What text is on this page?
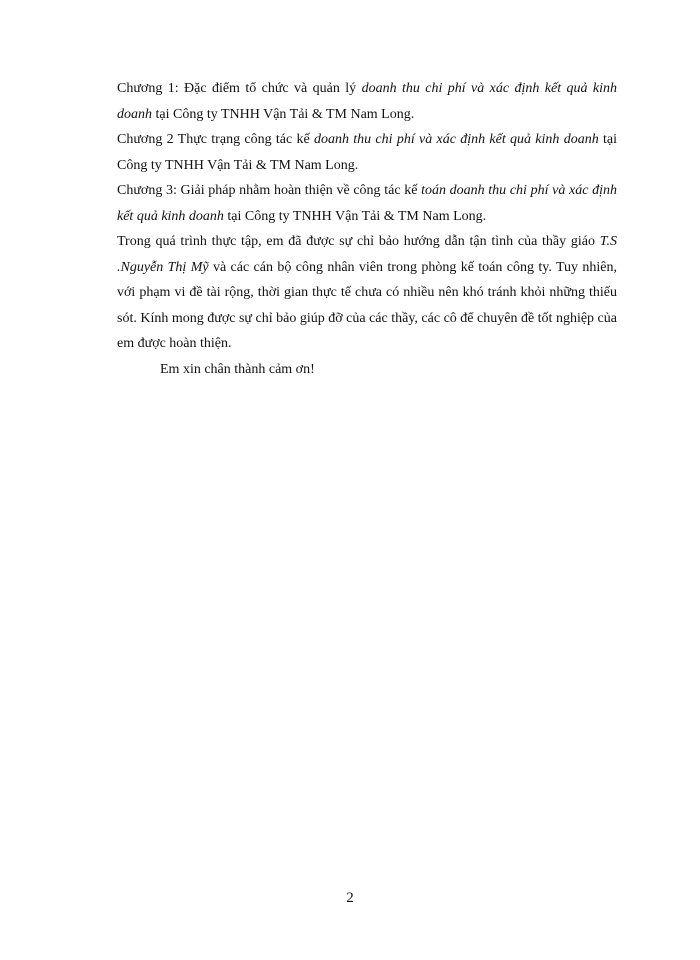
Chương 1: Đặc điểm tổ chức và quản lý doanh thu chi phí và xác định kết quả kinh doanh tại Công ty TNHH Vận Tải & TM Nam Long.

Chương 2 Thực trạng công tác kế doanh thu chi phí và xác định kết quả kinh doanh tại Công ty TNHH Vận Tải & TM Nam Long.

Chương 3: Giải pháp nhằm hoàn thiện về công tác kế toán doanh thu chi phí và xác định kết quả kinh doanh tại Công ty TNHH Vận Tải & TM Nam Long.

Trong quá trình thực tập, em đã được sự chỉ bảo hướng dẫn tận tình của thầy giáo T.S .Nguyễn Thị Mỹ và các cán bộ công nhân viên trong phòng kế toán công ty. Tuy nhiên, với phạm vi đề tài rộng, thời gian thực tế chưa có nhiều nên khó tránh khỏi những thiếu sót. Kính mong được sự chỉ bảo giúp đỡ của các thầy, các cô để chuyên đề tốt nghiệp của em được hoàn thiện.

Em xin chân thành cảm ơn!

2
